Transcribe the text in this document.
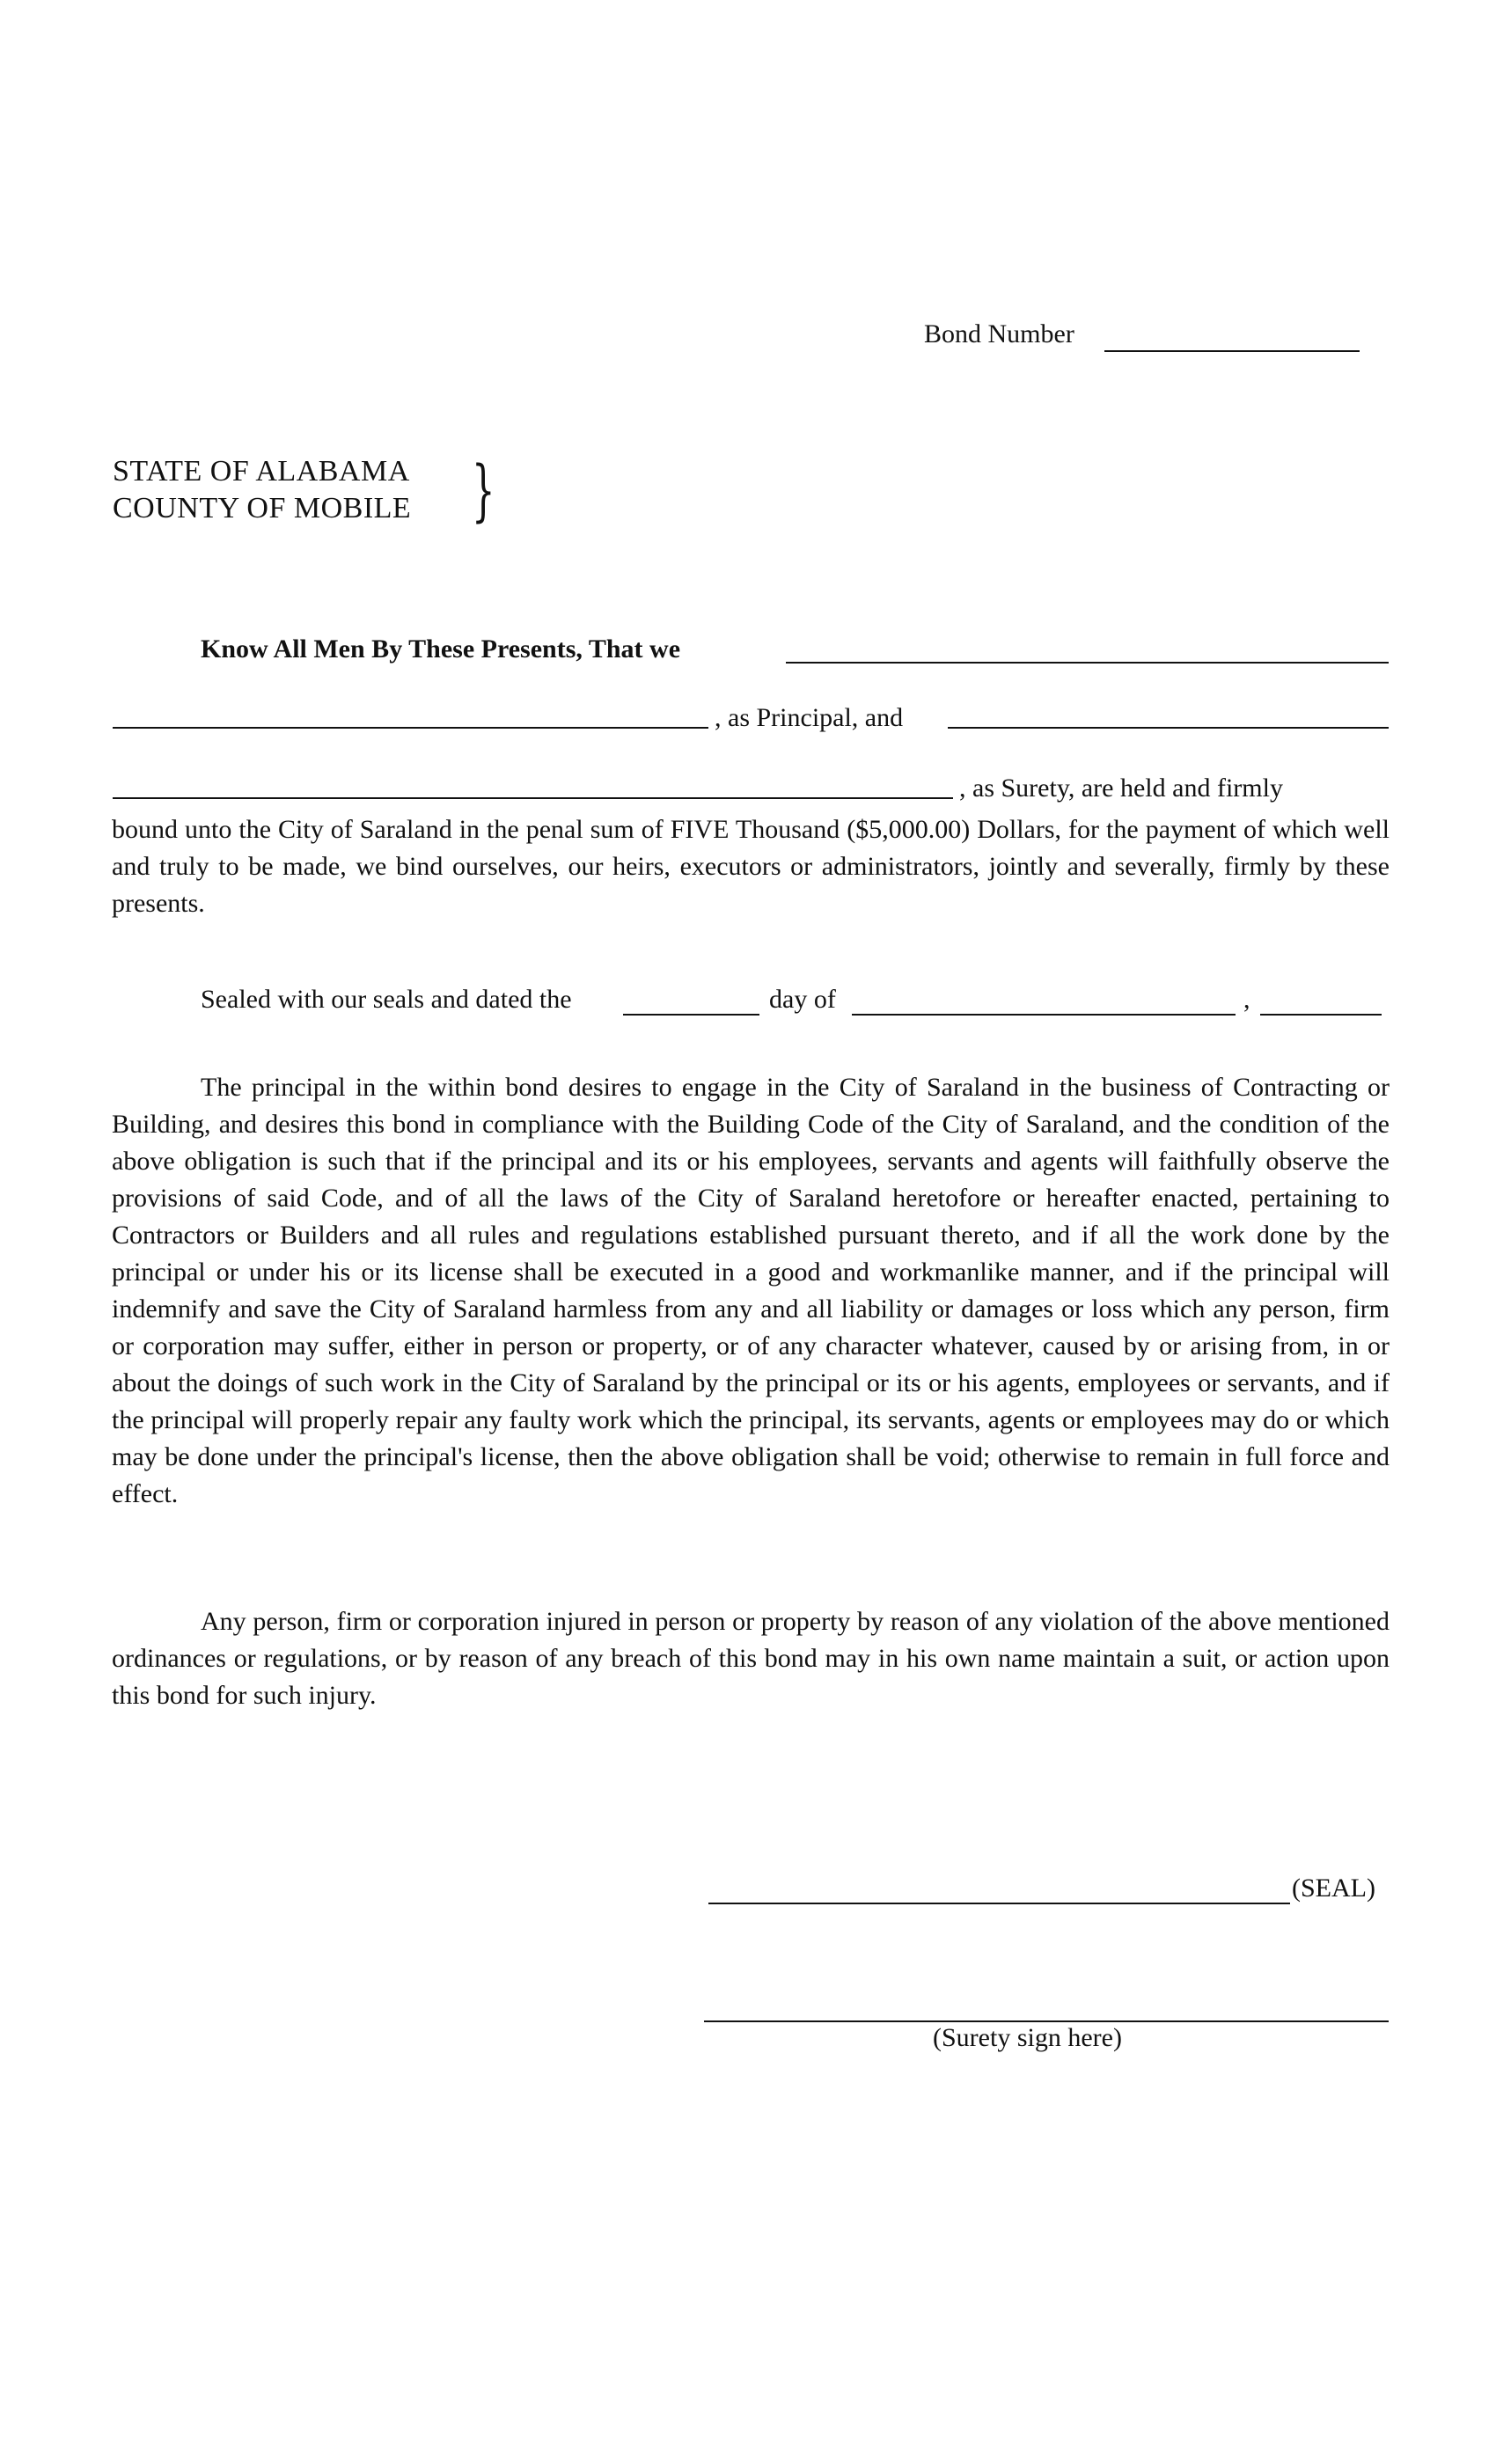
Bond Number
STATE OF ALABAMA
COUNTY OF MOBILE }
Know All Men By These Presents, That we
, as Principal, and
, as Surety, are held and firmly

bound unto the City of Saraland in the penal sum of FIVE Thousand ($5,000.00) Dollars, for the payment of which well and truly to be made, we bind ourselves, our heirs, executors or administrators, jointly and severally, firmly by these presents.

Sealed with our seals and dated the	day of	,

The principal in the within bond desires to engage in the City of Saraland in the business of Contracting or Building, and desires this bond in compliance with the Building Code of the City of Saraland, and the condition of the above obligation is such that if the principal and its or his employees, servants and agents will faithfully observe the provisions of said Code, and of all the laws of the City of Saraland heretofore or hereafter enacted, pertaining to Contractors or Builders and all rules and regulations established pursuant thereto, and if all the work done by the principal or under his or its license shall be executed in a good and workmanlike manner, and if the principal will indemnify and save the City of Saraland harmless from any and all liability or damages or loss which any person, firm or corporation may suffer, either in person or property, or of any character whatever, caused by or arising from, in or about the doings of such work in the City of Saraland by the principal or its or his agents, employees or servants, and if the principal will properly repair any faulty work which the principal, its servants, agents or employees may do or which may be done under the principal's license, then the above obligation shall be void; otherwise to remain in full force and effect.

Any person, firm or corporation injured in person or property by reason of any violation of the above mentioned ordinances or regulations, or by reason of any breach of this bond may in his own name maintain a suit, or action upon this bond for such injury.

(SEAL)
(Surety sign here)
